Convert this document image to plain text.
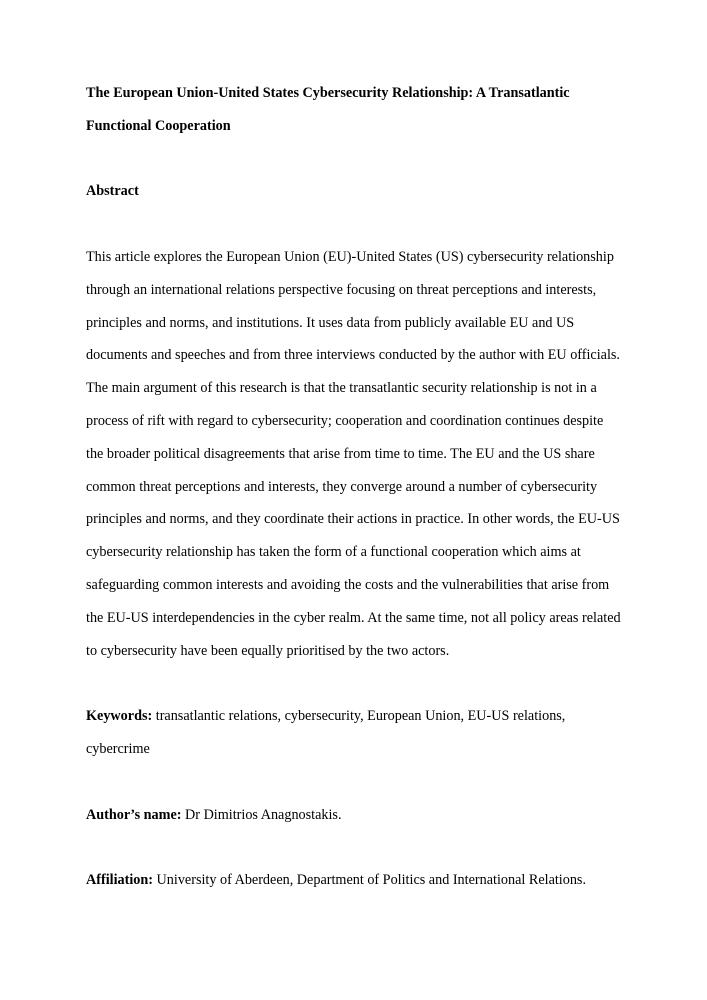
The European Union-United States Cybersecurity Relationship: A Transatlantic Functional Cooperation

Abstract

This article explores the European Union (EU)-United States (US) cybersecurity relationship through an international relations perspective focusing on threat perceptions and interests, principles and norms, and institutions. It uses data from publicly available EU and US documents and speeches and from three interviews conducted by the author with EU officials. The main argument of this research is that the transatlantic security relationship is not in a process of rift with regard to cybersecurity; cooperation and coordination continues despite the broader political disagreements that arise from time to time. The EU and the US share common threat perceptions and interests, they converge around a number of cybersecurity principles and norms, and they coordinate their actions in practice. In other words, the EU-US cybersecurity relationship has taken the form of a functional cooperation which aims at safeguarding common interests and avoiding the costs and the vulnerabilities that arise from the EU-US interdependencies in the cyber realm. At the same time, not all policy areas related to cybersecurity have been equally prioritised by the two actors.

Keywords: transatlantic relations, cybersecurity, European Union, EU-US relations, cybercrime

Author’s name: Dr Dimitrios Anagnostakis.

Affiliation: University of Aberdeen, Department of Politics and International Relations.
